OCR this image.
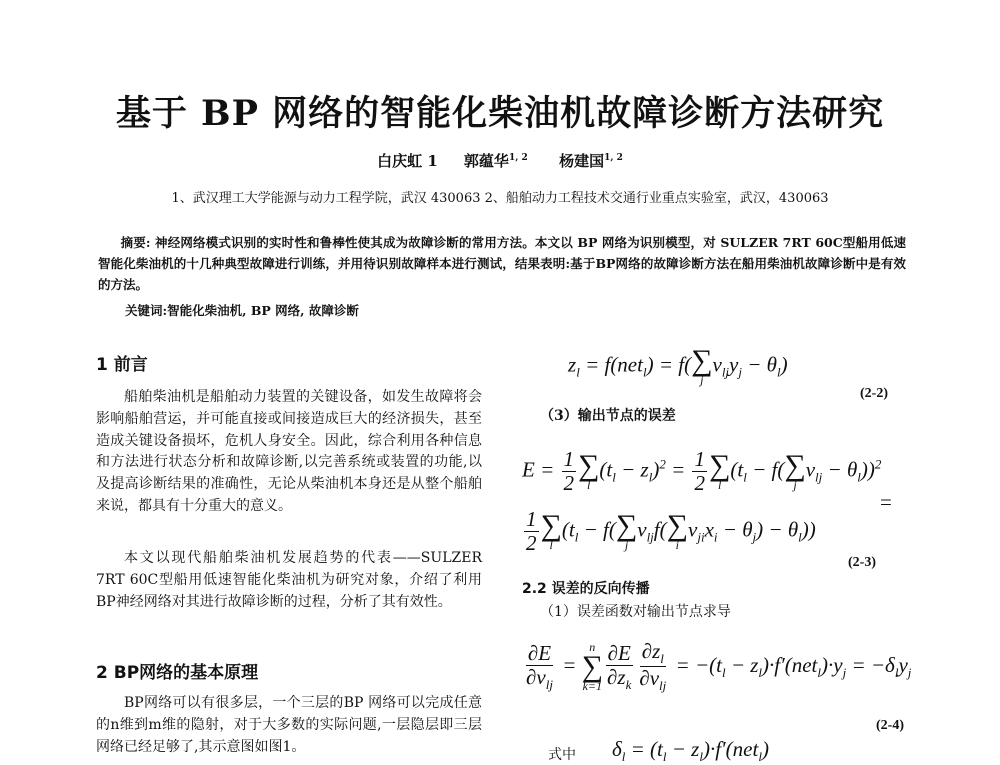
基于 BP 网络的智能化柴油机故障诊断方法研究
白庆虹 1 郭蕴华$^{1, 2}$ 杨建国$^{1, 2}$
1、武汉理工大学能源与动力工程学院，武汉 430063 2、船舶动力工程技术交通行业重点实验室，武汉，430063
摘要: 神经网络模式识别的实时性和鲁棒性使其成为故障诊断的常用方法。本文以 BP 网络为识别模型，对 SULZER 7RT 60C型船用低速智能化柴油机的十几种典型故障进行训练，并用待识别故障样本进行测试，结果表明:基于BP网络的故障诊断方法在船用柴油机故障诊断中是有效的方法。
关键词:智能化柴油机, BP 网络, 故障诊断
1 前言
船舶柴油机是船舶动力装置的关键设备，如发生故障将会影响船舶营运，并可能直接或间接造成巨大的经济损失，甚至造成关键设备损坏，危机人身安全。因此，综合利用各种信息和方法进行状态分析和故障诊断,以完善系统或装置的功能,以及提高诊断结果的准确性，无论从柴油机本身还是从整个船舶来说，都具有十分重大的意义。
本文以现代船舶柴油机发展趋势的代表——SULZER 7RT 60C型船用低速智能化柴油机为研究对象，介绍了利用BP神经网络对其进行故障诊断的过程，分析了其有效性。
2 BP网络的基本原理
BP网络可以有很多层，一个三层的BP 网络可以完成任意的n维到m维的隐射，对于大多数的实际问题,一层隐层即三层网络已经足够了,其示意图如图1。
$z_l = f(net_l) = f$( ∑
j
$v_{lj}y_j - \theta_l$)
(2-2)
（3）输出节点的误差
$E = \frac{1}{2}$ ∑
l
$(t_l - z_l)^2 = \frac{1}{2}$ ∑
l
($t_l - f$( ∑
j
$v_{lj} - \theta_l))^2$
=
$\frac{1}{2}$ ∑
l
($t_l - f$( ∑
j
$v_{lj}f$( ∑
i
$v_{ji}x_i - \theta_j) - \theta_l$))
(2-3)
2.2 误差的反向传播
（1）误差函数对输出节点求导
$\frac{\partial E}{\partial v_{lj}}$ =
n
∑
$k=1 \frac{\partial E}{\partial z_k} \frac{\partial z_l}{\partial v_{lj}} = -(t_l - z_l)\cdot f'(net_l)\cdot y_j = -\delta_ly_j$
(2-4)
式中 $\delta_l = (t_l - z_l)\cdot f'(net_l)$
